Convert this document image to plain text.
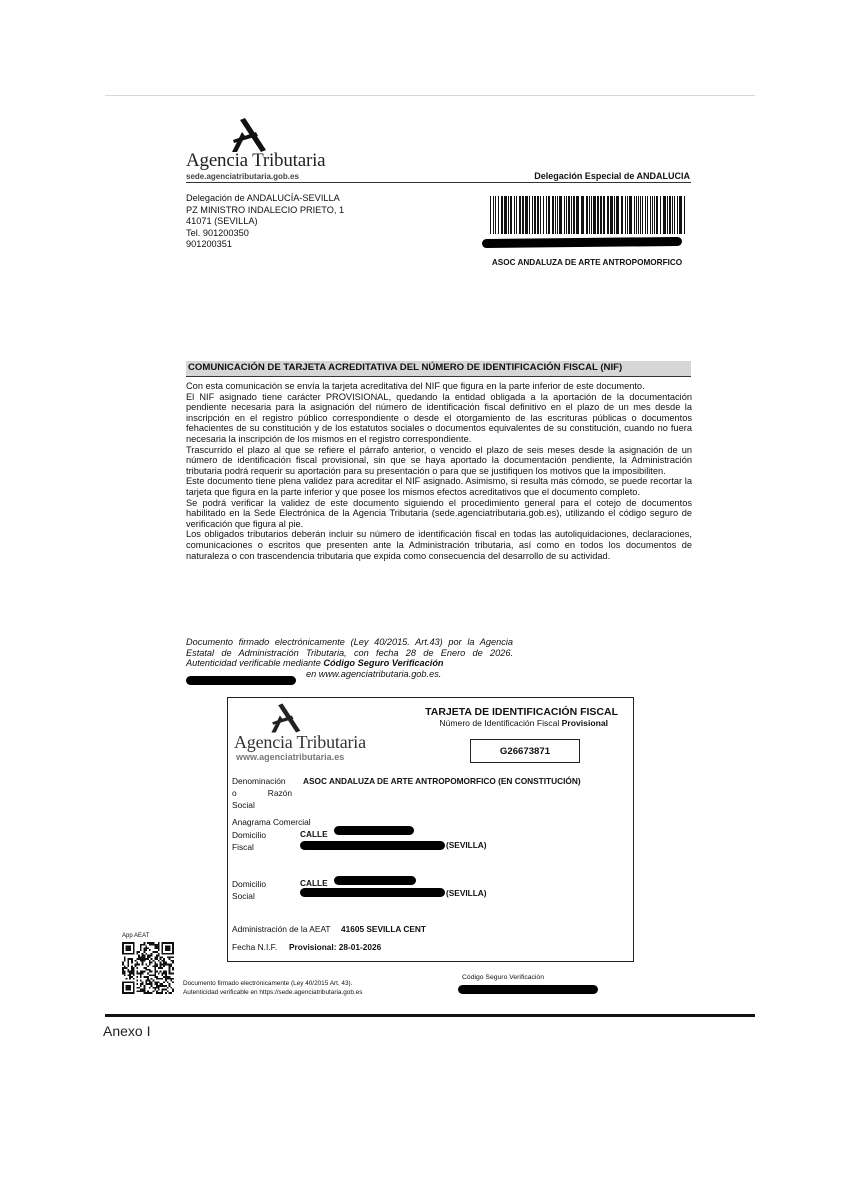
Agencia Tributaria
sede.agenciatributaria.gob.es	Delegación Especial de ANDALUCIA
Delegación de ANDALUCÍA-SEVILLA
PZ MINISTRO INDALECIO PRIETO, 1
41071 (SEVILLA)
Tel. 901200350
901200351
ASOC ANDALUZA DE ARTE ANTROPOMORFICO
COMUNICACIÓN DE TARJETA ACREDITATIVA DEL NÚMERO DE IDENTIFICACIÓN FISCAL (NIF)

Con esta comunicación se envía la tarjeta acreditativa del NIF que figura en la parte inferior de este documento.

El NIF asignado tiene carácter PROVISIONAL, quedando la entidad obligada a la aportación de la documentación pendiente necesaria para la asignación del número de identificación fiscal definitivo en el plazo de un mes desde la inscripción en el registro público correspondiente o desde el otorgamiento de las escrituras públicas o documentos fehacientes de su constitución y de los estatutos sociales o documentos equivalentes de su constitución, cuando no fuera necesaria la inscripción de los mismos en el registro correspondiente.

Trascurrido el plazo al que se refiere el párrafo anterior, o vencido el plazo de seis meses desde la asignación de un número de identificación fiscal provisional, sin que se haya aportado la documentación pendiente, la Administración tributaria podrá requerir su aportación para su presentación o para que se justifiquen los motivos que la imposibiliten.

Este documento tiene plena validez para acreditar el NIF asignado. Asimismo, si resulta más cómodo, se puede recortar la tarjeta que figura en la parte inferior y que posee los mismos efectos acreditativos que el documento completo.

Se podrá verificar la validez de este documento siguiendo el procedimiento general para el cotejo de documentos habilitado en la Sede Electrónica de la Agencia Tributaria (sede.agenciatributaria.gob.es), utilizando el código seguro de verificación que figura al pie.

Los obligados tributarios deberán incluir su número de identificación fiscal en todas las autoliquidaciones, declaraciones, comunicaciones o escritos que presenten ante la Administración tributaria, así como en todos los documentos de naturaleza o con trascendencia tributaria que expida como consecuencia del desarrollo de su actividad.

Documento firmado electrónicamente (Ley 40/2015. Art.43) por la Agencia Estatal de Administración Tributaria, con fecha 28 de Enero de 2026. Autenticidad verificable mediante Código Seguro Verificación

en www.agenciatributaria.gob.es.

Agencia Tributaria
www.agenciatributaria.es
TARJETA DE IDENTIFICACIÓN FISCAL
Número de Identificación Fiscal Provisional
G26673871
Denominación
o	Razón
Social
ASOC ANDALUZA DE ARTE ANTROPOMORFICO (EN CONSTITUCIÓN)
Anagrama Comercial
Domicilio
Fiscal
CALLE
(SEVILLA)
Domicilio
Social
CALLE
(SEVILLA)
Administración de la AEAT 41605 SEVILLA CENT
Fecha N.I.F. Provisional: 28-01-2026
App AEAT
Documento firmado electrónicamente (Ley 40/2015 Art. 43).
Autenticidad verificable en https://sede.agenciatributaria.gob.es
Código Seguro Verificación
Anexo I
